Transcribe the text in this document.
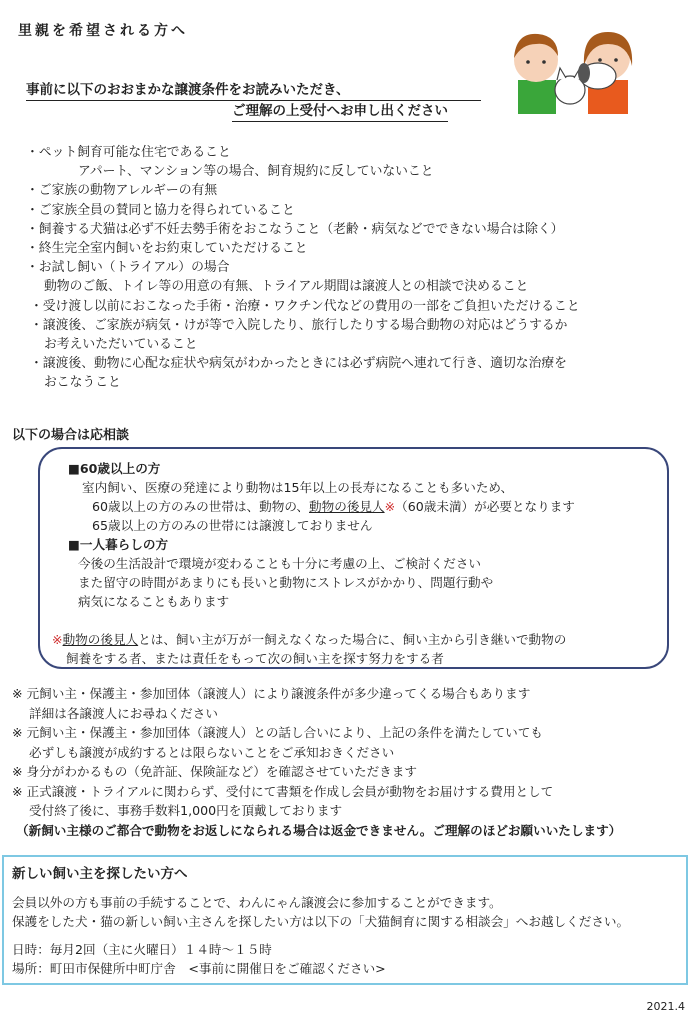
里親を希望される方へ
事前に以下のおおまかな譲渡条件をお読みいただき、
ご理解の上受付へお申し出ください
・ペット飼育可能な住宅であること
アパート、マンション等の場合、飼育規約に反していないこと
・ご家族の動物アレルギーの有無
・ご家族全員の賛同と協力を得られていること
・飼養する犬猫は必ず不妊去勢手術をおこなうこと（老齢・病気などでできない場合は除く）
・終生完全室内飼いをお約束していただけること
・お試し飼い（トライアル）の場合
動物のご飯、トイレ等の用意の有無、トライアル期間は譲渡人との相談で決めること
・受け渡し以前におこなった手術・治療・ワクチン代などの費用の一部をご負担いただけること
・譲渡後、ご家族が病気・けが等で入院したり、旅行したりする場合動物の対応はどうするか
お考えいただいていること
・譲渡後、動物に心配な症状や病気がわかったときには必ず病院へ連れて行き、適切な治療を
おこなうこと
以下の場合は応相談
■60歳以上の方
室内飼い、医療の発達により動物は15年以上の長寿になることも多いため、
60歳以上の方のみの世帯は、動物の、動物の後見人※（60歳未満）が必要となります
65歳以上の方のみの世帯には譲渡しておりません
■一人暮らしの方
今後の生活設計で環境が変わることも十分に考慮の上、ご検討ください
また留守の時間があまりにも長いと動物にストレスがかかり、問題行動や
病気になることもあります
※動物の後見人とは、飼い主が万が一飼えなくなった場合に、飼い主から引き継いで動物の
飼養をする者、または責任をもって次の飼い主を探す努力をする者
※ 元飼い主・保護主・参加団体（譲渡人）により譲渡条件が多少違ってくる場合もあります
詳細は各譲渡人にお尋ねください
※ 元飼い主・保護主・参加団体（譲渡人）との話し合いにより、上記の条件を満たしていても
必ずしも譲渡が成約するとは限らないことをご承知おきください
※ 身分がわかるもの（免許証、保険証など）を確認させていただきます
※ 正式譲渡・トライアルに関わらず、受付にて書類を作成し会員が動物をお届けする費用として
受付終了後に、事務手数料1,000円を頂戴しております
（新飼い主様のご都合で動物をお返しになられる場合は返金できません。ご理解のほどお願いいたします）
新しい飼い主を探したい方へ
会員以外の方も事前の手続することで、わんにゃん譲渡会に参加することができます。
保護をした犬・猫の新しい飼い主さんを探したい方は以下の「犬猫飼育に関する相談会」へお越しください。
日時：毎月2回（主に火曜日）１４時～１５時
場所：町田市保健所中町庁舎　<事前に開催日をご確認ください>
2021.4
